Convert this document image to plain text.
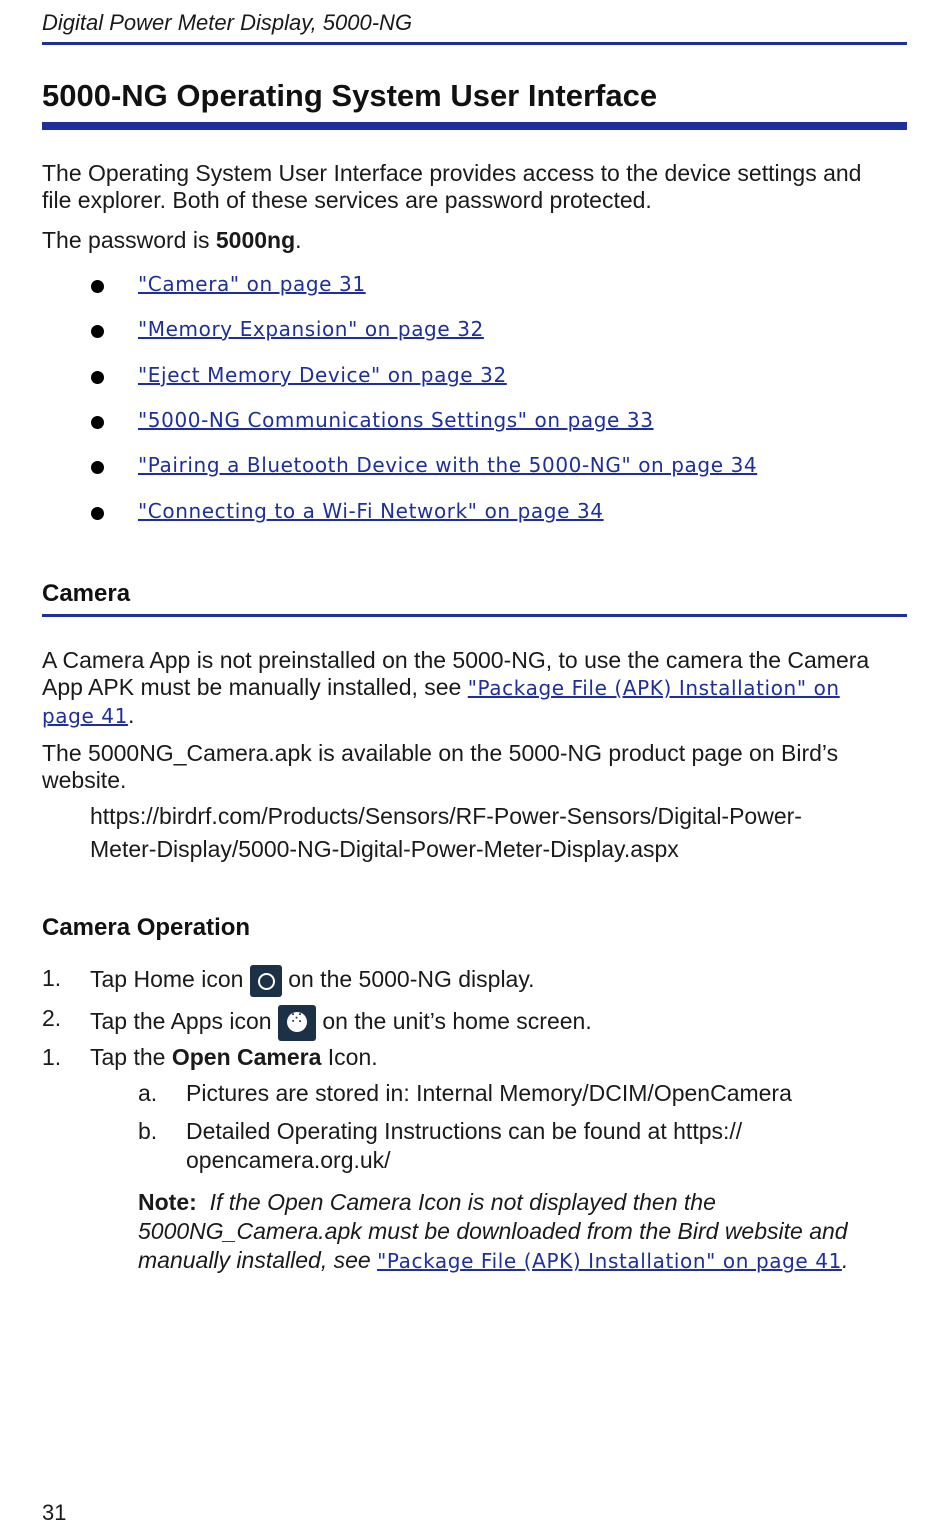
Digital Power Meter Display, 5000-NG
5000-NG Operating System User Interface
The Operating System User Interface provides access to the device settings and
file explorer. Both of these services are password protected.
The password is 5000ng.
"Camera" on page 31
"Memory Expansion" on page 32
"Eject Memory Device" on page 32
"5000-NG Communications Settings" on page 33
"Pairing a Bluetooth Device with the 5000-NG" on page 34
"Connecting to a Wi-Fi Network" on page 34
Camera
A Camera App is not preinstalled on the 5000-NG, to use the camera the Camera
App APK must be manually installed, see "Package File (APK) Installation" on
page 41.
The 5000NG_Camera.apk is available on the 5000-NG product page on Bird’s
website.
https://birdrf.com/Products/Sensors/RF-Power-Sensors/Digital-Power-
Meter-Display/5000-NG-Digital-Power-Meter-Display.aspx
Camera Operation
1. Tap Home icon  on the 5000-NG display.
2. Tap the Apps icon
⁙
on the unit’s home screen.
1. Tap the Open Camera Icon.
a. Pictures are stored in: Internal Memory/DCIM/OpenCamera
b. Detailed Operating Instructions can be found at https://
opencamera.org.uk/
Note: If the Open Camera Icon is not displayed then the
5000NG_Camera.apk must be downloaded from the Bird website and
manually installed, see "Package File (APK) Installation" on page 41.
31
